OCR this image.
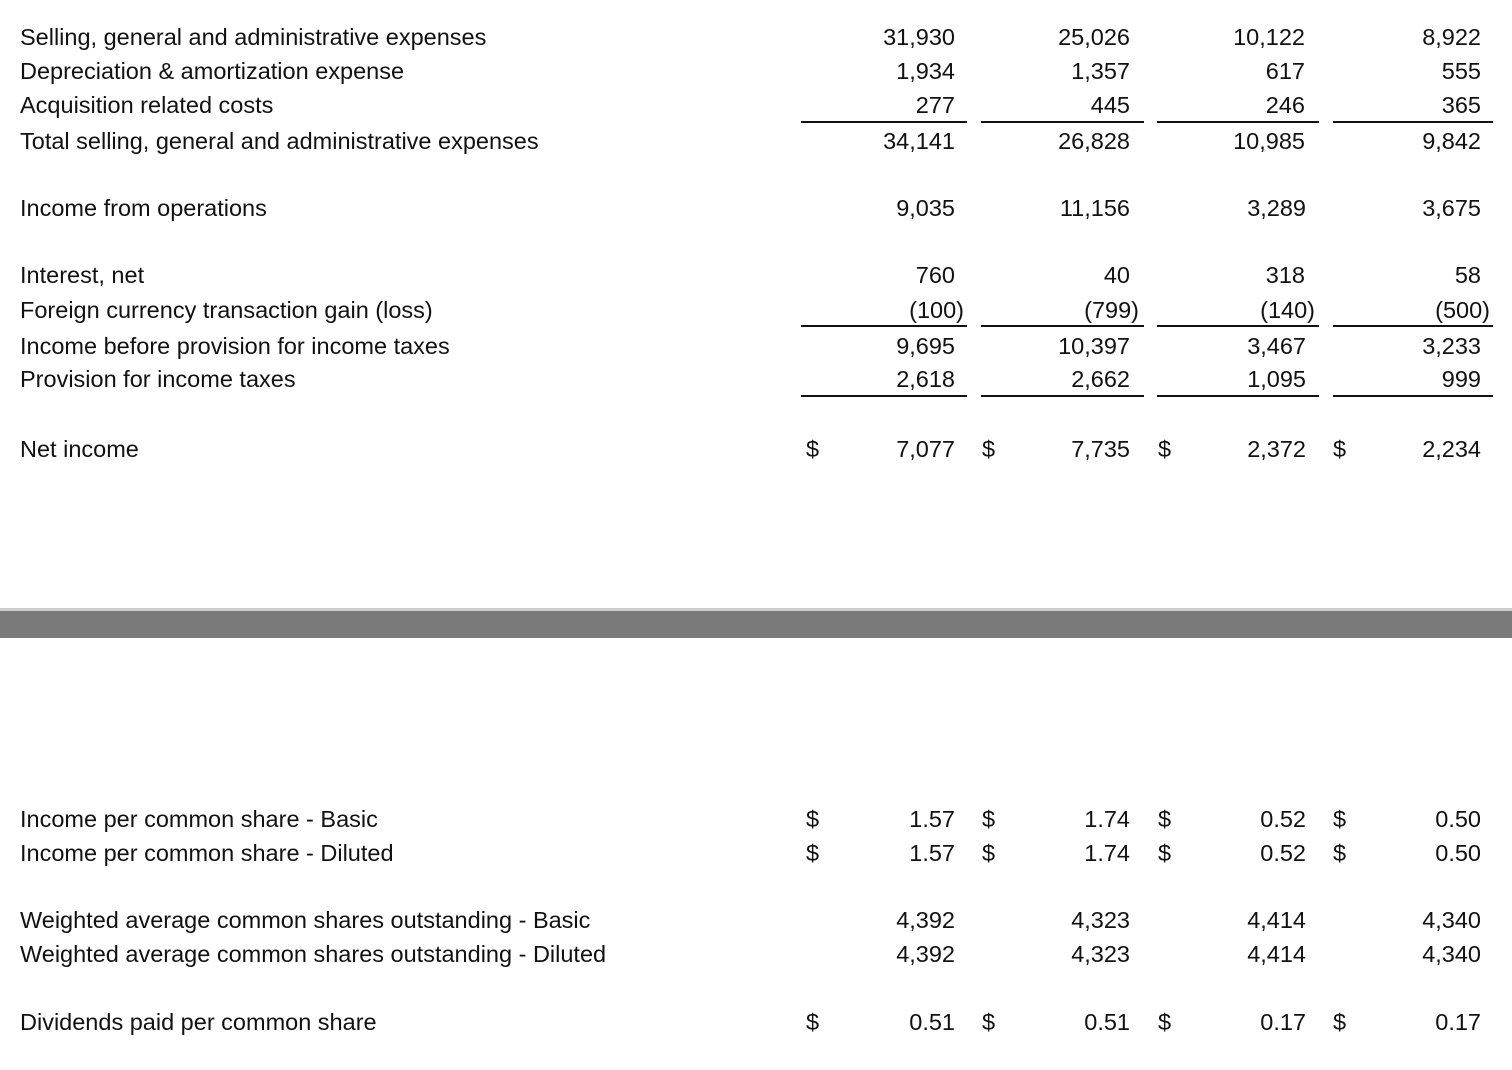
Selling, general and administrative expenses	31,930	25,026	10,122	8,922
Depreciation & amortization expense	1,934	1,357	617	555
Acquisition related costs	277	445	246	365
Total selling, general and administrative expenses	34,141	26,828	10,985	9,842
Income from operations	9,035	11,156	3,289	3,675
Interest, net	760	40	318	58
Foreign currency transaction gain (loss)	(100)	(799)	(140)	(500)
Income before provision for income taxes	9,695	10,397	3,467	3,233
Provision for income taxes	2,618	2,662	1,095	999
Net income	$	7,077 $	7,735 $	2,372 $	2,234
Income per common share - Basic	$	1.57 $	1.74 $	0.52 $	0.50
Income per common share - Diluted	$	1.57 $	1.74 $	0.52 $	0.50
Weighted average common shares outstanding - Basic	4,392	4,323	4,414	4,340
Weighted average common shares outstanding - Diluted	4,392	4,323	4,414	4,340
Dividends paid per common share	$	0.51 $	0.51 $	0.17 $	0.17
